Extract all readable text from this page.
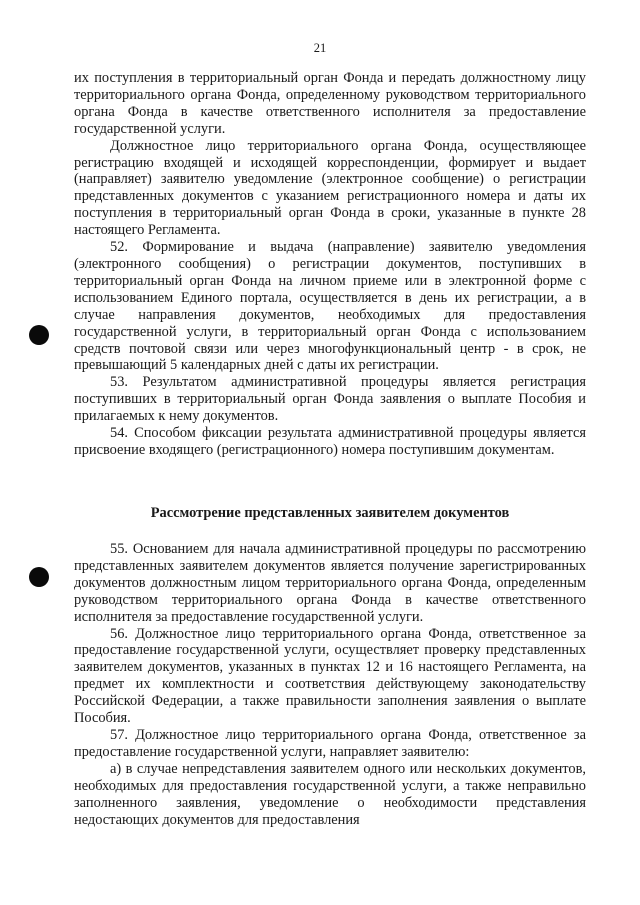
21

их поступления в территориальный орган Фонда и передать должностному лицу территориального органа Фонда, определенному руководством территориального органа Фонда в качестве ответственного исполнителя за предоставление государственной услуги.

Должностное лицо территориального органа Фонда, осуществляющее регистрацию входящей и исходящей корреспонденции, формирует и выдает (направляет) заявителю уведомление (электронное сообщение) о регистрации представленных документов с указанием регистрационного номера и даты их поступления в территориальный орган Фонда в сроки, указанные в пункте 28 настоящего Регламента.

52. Формирование и выдача (направление) заявителю уведомления (электронного сообщения) о регистрации документов, поступивших в территориальный орган Фонда на личном приеме или в электронной форме с использованием Единого портала, осуществляется в день их регистрации, а в случае направления документов, необходимых для предоставления государственной услуги, в территориальный орган Фонда с использованием средств почтовой связи или через многофункциональный центр - в срок, не превышающий 5 календарных дней с даты их регистрации.

53. Результатом административной процедуры является регистрация поступивших в территориальный орган Фонда заявления о выплате Пособия и прилагаемых к нему документов.

54. Способом фиксации результата административной процедуры является присвоение входящего (регистрационного) номера поступившим документам.

Рассмотрение представленных заявителем документов

55. Основанием для начала административной процедуры по рассмотрению представленных заявителем документов является получение зарегистрированных документов должностным лицом территориального органа Фонда, определенным руководством территориального органа Фонда в качестве ответственного исполнителя за предоставление государственной услуги.

56. Должностное лицо территориального органа Фонда, ответственное за предоставление государственной услуги, осуществляет проверку представленных заявителем документов, указанных в пунктах 12 и 16 настоящего Регламента, на предмет их комплектности и соответствия действующему законодательству Российской Федерации, а также правильности заполнения заявления о выплате Пособия.

57. Должностное лицо территориального органа Фонда, ответственное за предоставление государственной услуги, направляет заявителю:

а) в случае непредставления заявителем одного или нескольких документов, необходимых для предоставления государственной услуги, а также неправильно заполненного заявления, уведомление о необходимости представления недостающих документов для предоставления
